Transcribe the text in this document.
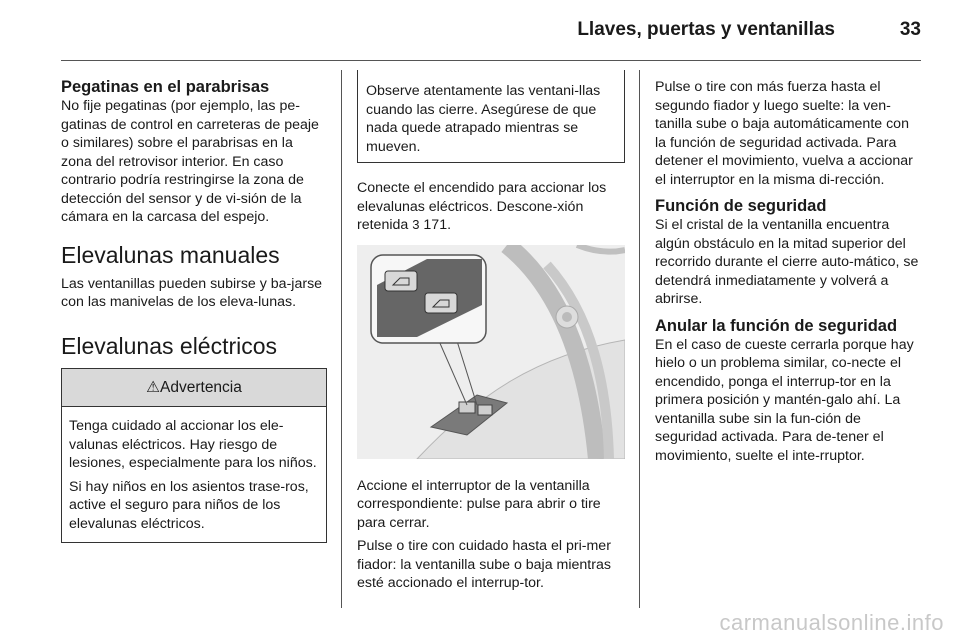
Llaves, puertas y ventanillas	33
Pegatinas en el parabrisas

No fije pegatinas (por ejemplo, las pe-gatinas de control en carreteras de peaje o similares) sobre el parabrisas en la zona del retrovisor interior. En caso contrario podría restringirse la zona de detección del sensor y de vi-sión de la cámara en la carcasa del espejo.

Elevalunas manuales

Las ventanillas pueden subirse y ba-jarse con las manivelas de los eleva-lunas.

Elevalunas eléctricos
⚠Advertencia

Tenga cuidado al accionar los ele-valunas eléctricos. Hay riesgo de lesiones, especialmente para los niños.

Si hay niños en los asientos trase-ros, active el seguro para niños de los elevalunas eléctricos.

Observe atentamente las ventani-llas cuando las cierre. Asegúrese de que nada quede atrapado mientras se mueven.

Conecte el encendido para accionar los elevalunas eléctricos. Descone-xión retenida 3 171.

Accione el interruptor de la ventanilla correspondiente: pulse para abrir o tire para cerrar.

Pulse o tire con cuidado hasta el pri-mer fiador: la ventanilla sube o baja mientras esté accionado el interrup-tor.

Pulse o tire con más fuerza hasta el segundo fiador y luego suelte: la ven-tanilla sube o baja automáticamente con la función de seguridad activada. Para detener el movimiento, vuelva a accionar el interruptor en la misma di-rección.

Función de seguridad

Si el cristal de la ventanilla encuentra algún obstáculo en la mitad superior del recorrido durante el cierre auto-mático, se detendrá inmediatamente y volverá a abrirse.

Anular la función de seguridad

En el caso de cueste cerrarla porque hay hielo o un problema similar, co-necte el encendido, ponga el interrup-tor en la primera posición y mantén-galo ahí. La ventanilla sube sin la fun-ción de seguridad activada. Para de-tener el movimiento, suelte el inte-rruptor.

carmanualsonline.info
